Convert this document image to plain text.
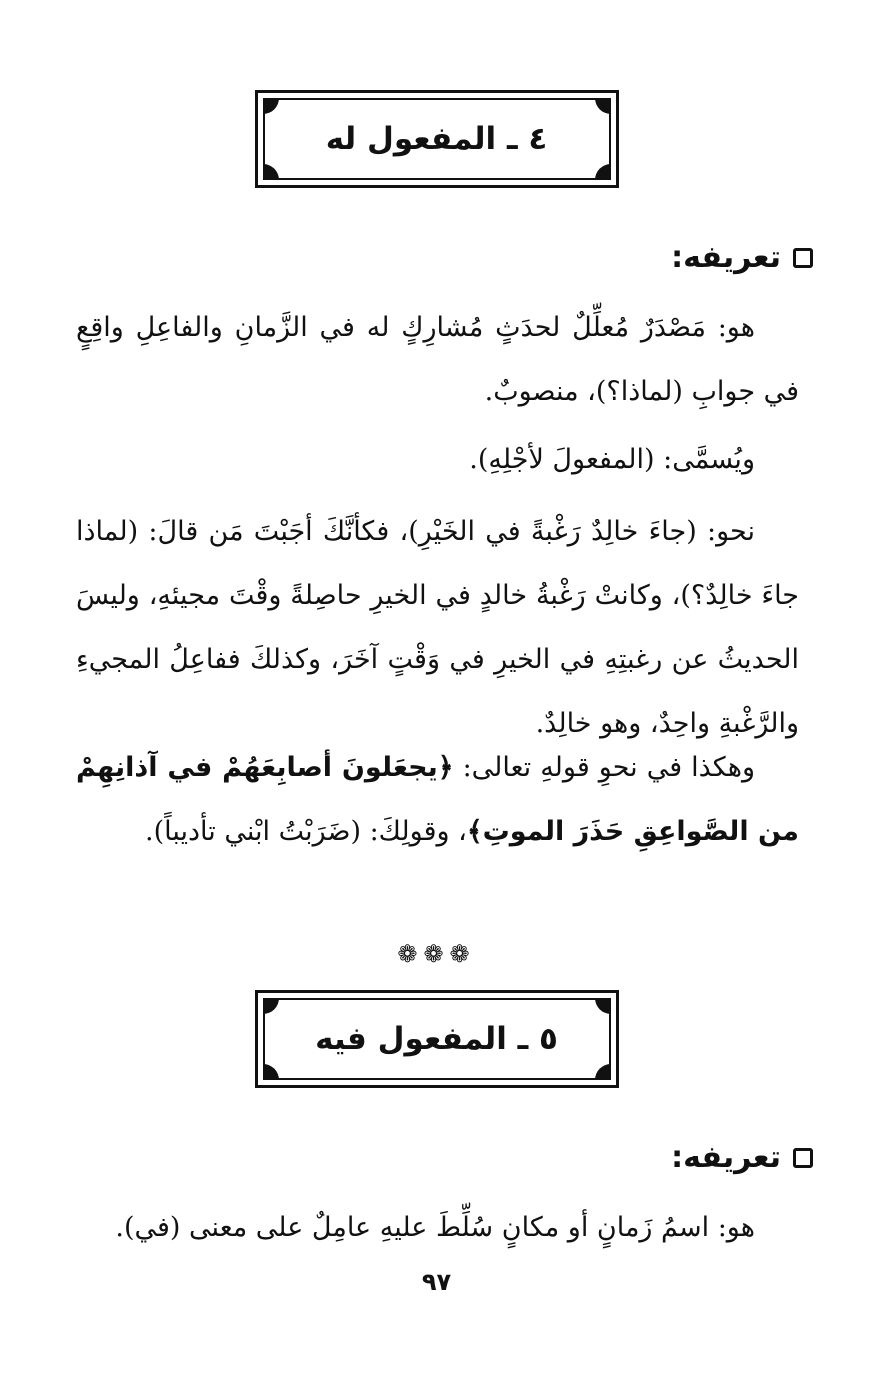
٤ ـ المفعول له
تعريفه:

هو: مَصْدَرٌ مُعلِّلٌ لحدَثٍ مُشارِكٍ له في الزَّمانِ والفاعِلِ واقِعٍ في جوابِ (لماذا؟)، منصوبٌ.

ويُسمَّى: (المفعولَ لأجْلِهِ).

نحو: (جاءَ خالِدٌ رَغْبةً في الخَيْرِ)، فكأنَّكَ أجَبْتَ مَن قالَ: (لماذا جاءَ خالِدٌ؟)، وكانتْ رَغْبةُ خالدٍ في الخيرِ حاصِلةً وقْتَ مجيئهِ، وليسَ الحديثُ عن رغبتِهِ في الخيرِ في وَقْتٍ آخَرَ، وكذلكَ ففاعِلُ المجيءِ والرَّغْبةِ واحِدٌ، وهو خالِدٌ.

وهكذا في نحوِ قولهِ تعالى: ﴿يجعَلونَ أصابِعَهُمْ في آذانِهِمْ من الصَّواعِقِ حَذَرَ الموتِ﴾، وقولِكَ: (ضَرَبْتُ ابْني تأديباً).

❁❁❁
٥ ـ المفعول فيه
تعريفه:

هو: اسمُ زَمانٍ أو مكانٍ سُلِّطَ عليهِ عامِلٌ على معنى (في).

٩٧
